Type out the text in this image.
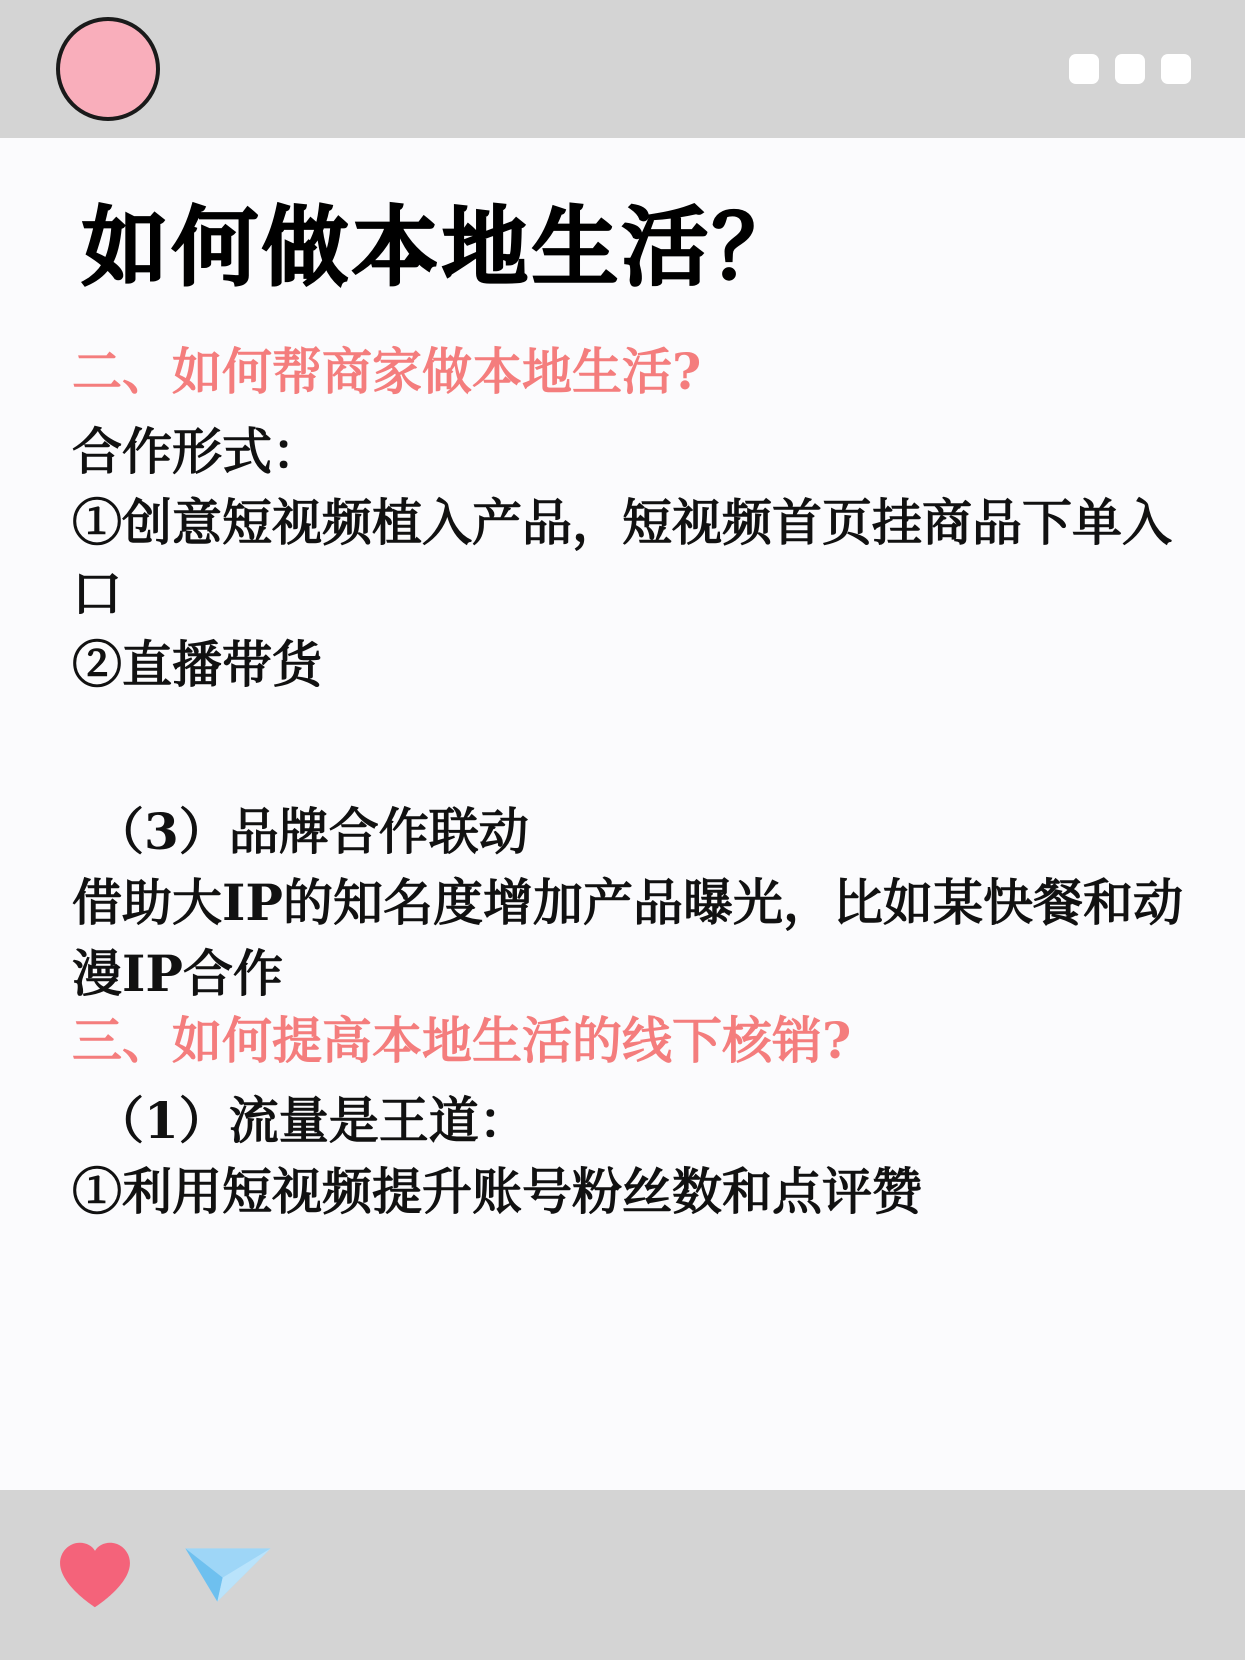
如何做本地生活？

二、如何帮商家做本地生活?

合作形式：

①创意短视频植入产品，短视频首页挂商品下单入口

②直播带货

（3）品牌合作联动

借助大IP的知名度增加产品曝光，比如某快餐和动漫IP合作

三、如何提高本地生活的线下核销?

（1）流量是王道：

①利用短视频提升账号粉丝数和点评赞
